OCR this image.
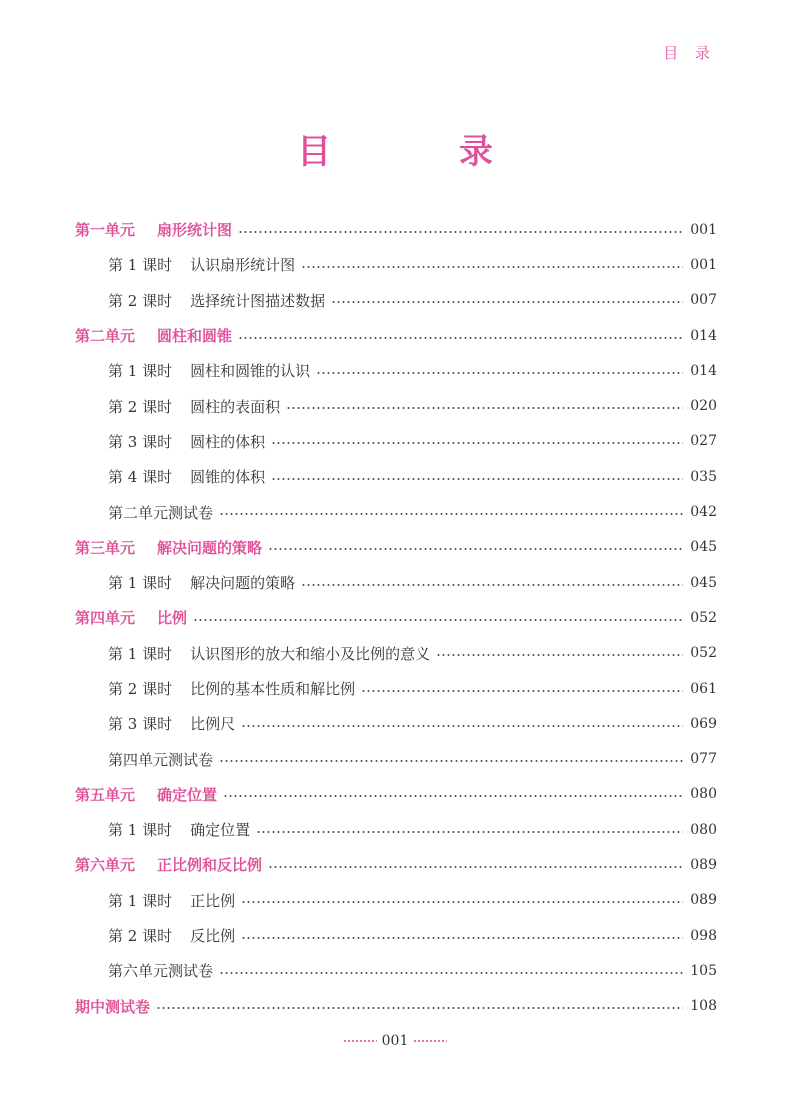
目 录
目 录
第一单元 扇形统计图	001
第 1 课时 认识扇形统计图	001
第 2 课时 选择统计图描述数据	007
第二单元 圆柱和圆锥	014
第 1 课时 圆柱和圆锥的认识	014
第 2 课时 圆柱的表面积	020
第 3 课时 圆柱的体积	027
第 4 课时 圆锥的体积	035
第二单元测试卷	042
第三单元 解决问题的策略	045
第 1 课时 解决问题的策略	045
第四单元 比例	052
第 1 课时 认识图形的放大和缩小及比例的意义	052
第 2 课时 比例的基本性质和解比例	061
第 3 课时 比例尺	069
第四单元测试卷	077
第五单元 确定位置	080
第 1 课时 确定位置	080
第六单元 正比例和反比例	089
第 1 课时 正比例	089
第 2 课时 反比例	098
第六单元测试卷	105
期中测试卷	108
001
